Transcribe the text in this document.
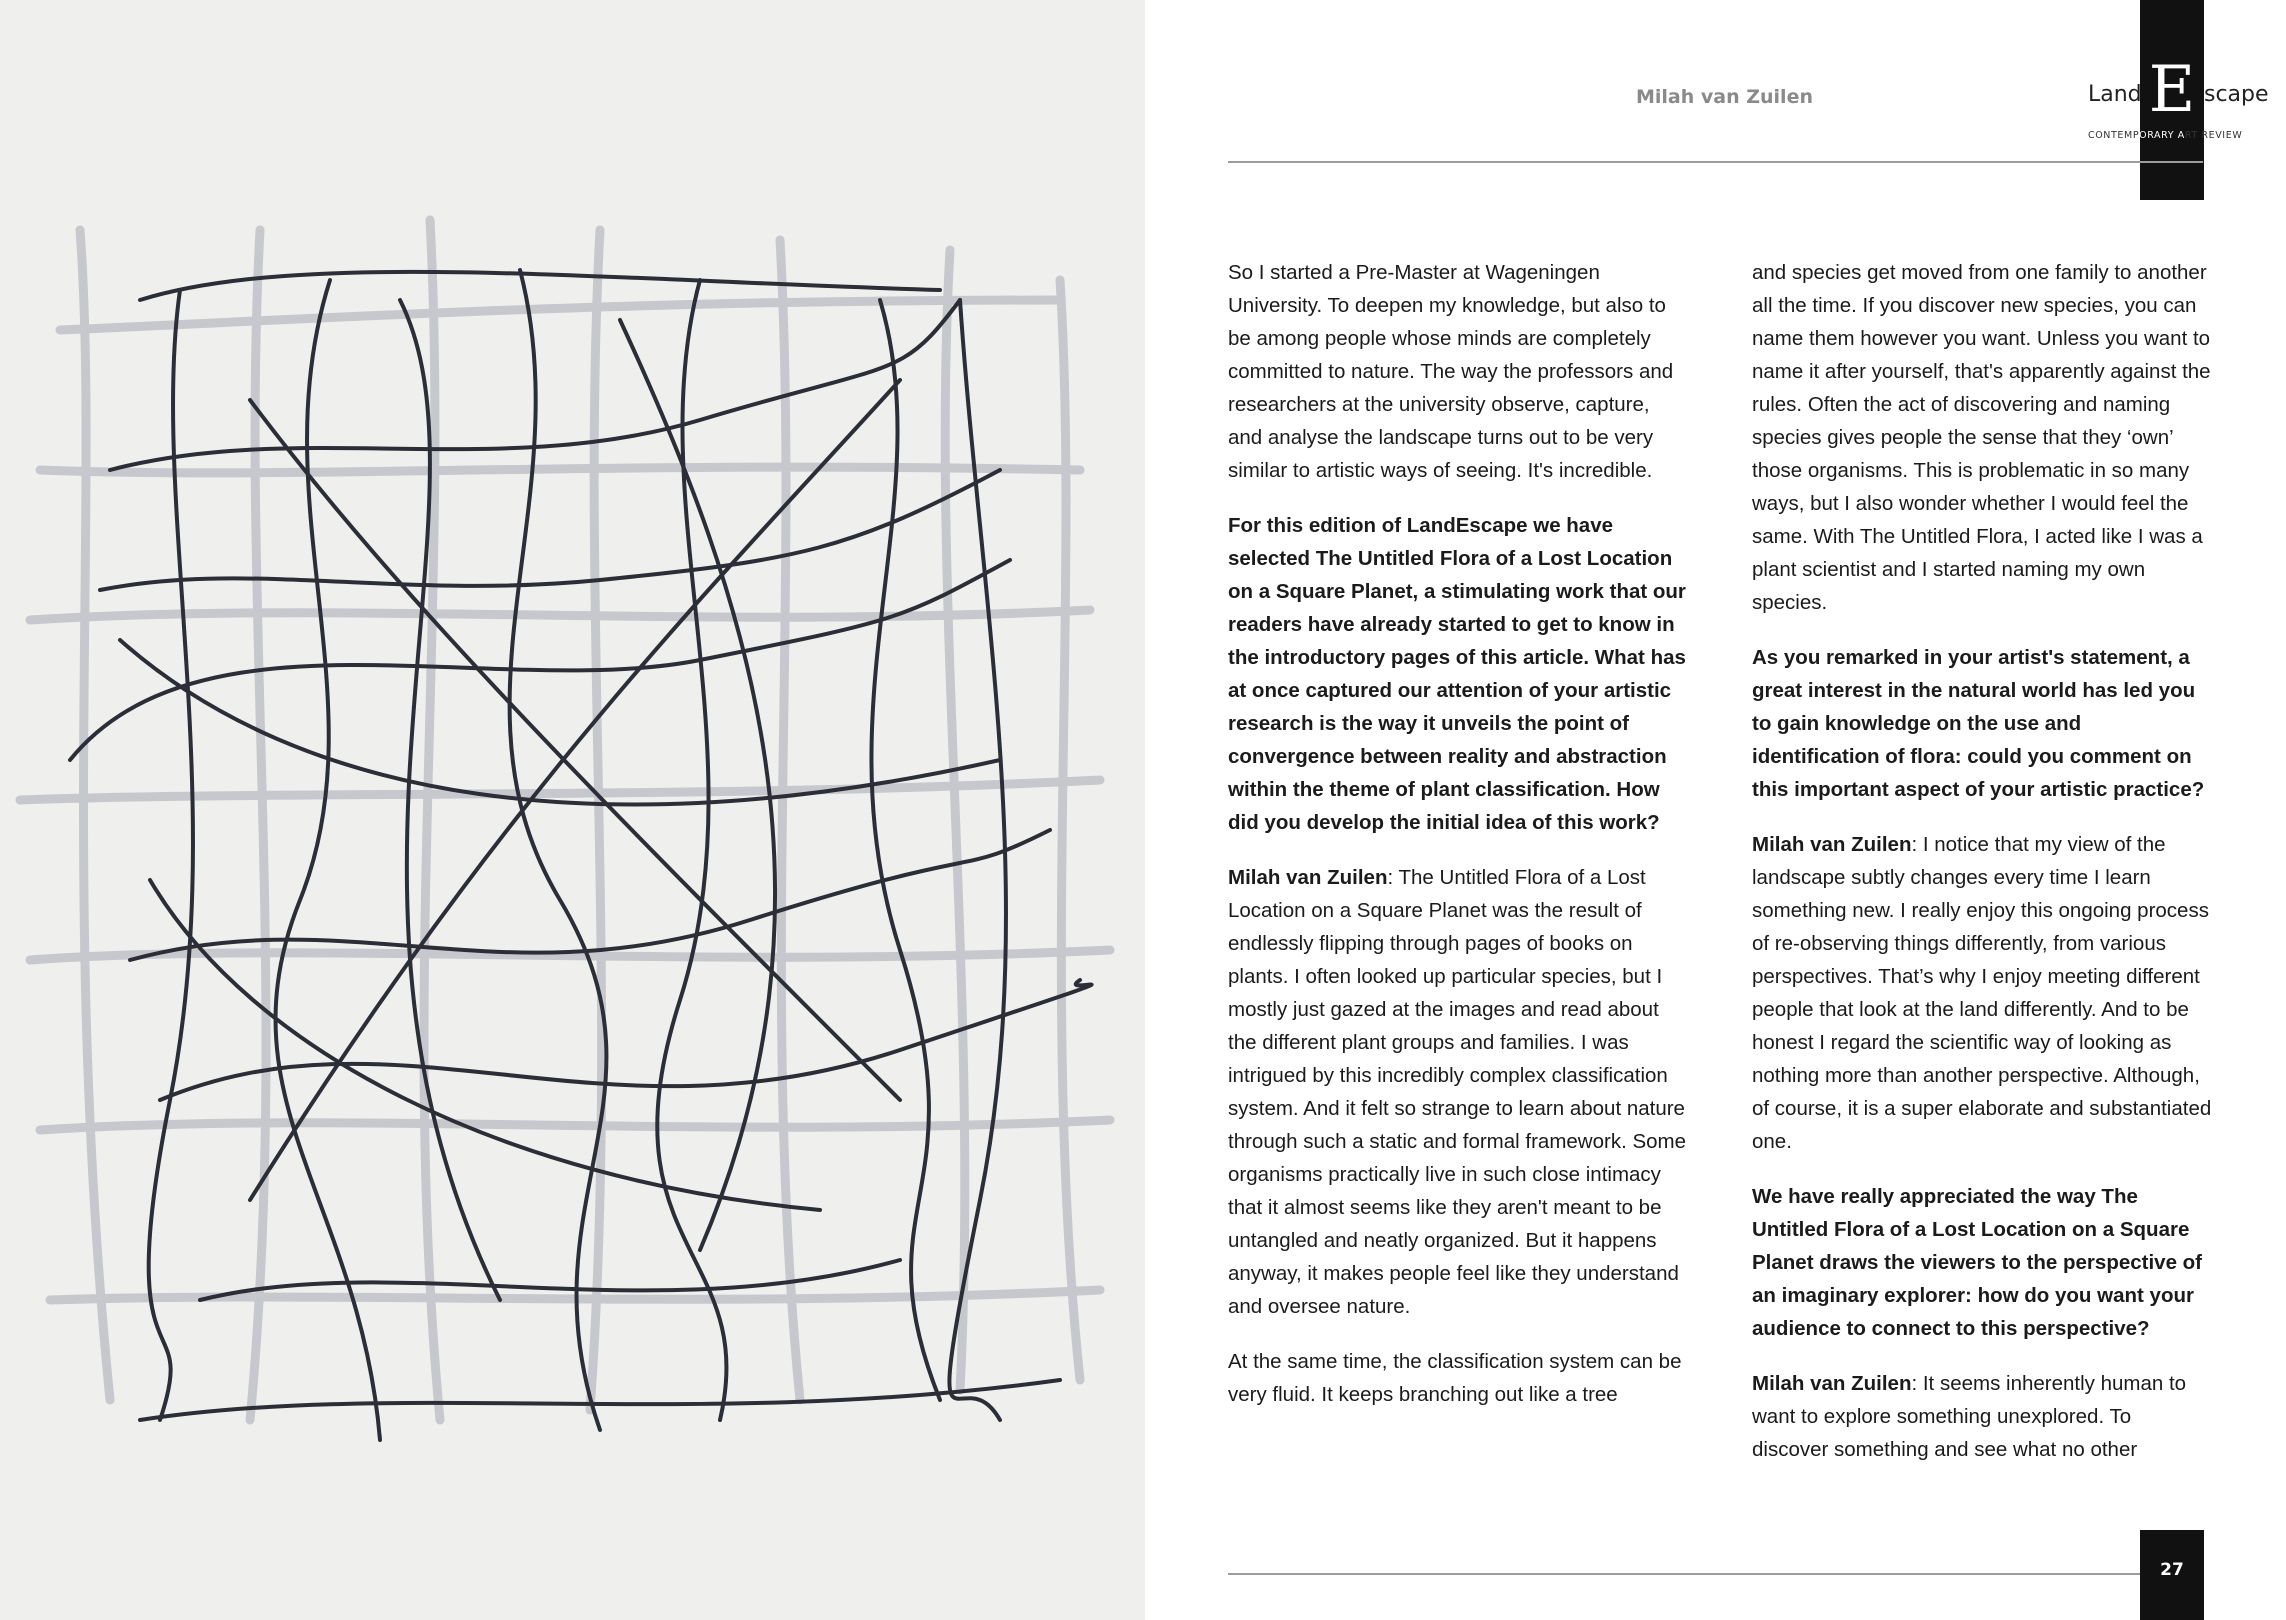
Milah van Zuilen	Land E scape
CONTEMPORARY ART REVIEW

So I started a Pre-Master at Wageningen University. To deepen my knowledge, but also to be among people whose minds are completely committed to nature. The way the professors and researchers at the university observe, capture, and analyse the landscape turns out to be very similar to artistic ways of seeing. It's incredible.

For this edition of LandEscape we have selected The Untitled Flora of a Lost Location on a Square Planet, a stimulating work that our readers have already started to get to know in the introductory pages of this article. What has at once captured our attention of your artistic research is the way it unveils the point of convergence between reality and abstraction within the theme of plant classification. How did you develop the initial idea of this work?

Milah van Zuilen: The Untitled Flora of a Lost Location on a Square Planet was the result of endlessly flipping through pages of books on plants. I often looked up particular species, but I mostly just gazed at the images and read about the different plant groups and families. I was intrigued by this incredibly complex classification system. And it felt so strange to learn about nature through such a static and formal framework. Some organisms practically live in such close intimacy that it almost seems like they aren't meant to be untangled and neatly organized. But it happens anyway, it makes people feel like they understand and oversee nature.

At the same time, the classification system can be very fluid. It keeps branching out like a tree

and species get moved from one family to another all the time. If you discover new species, you can name them however you want. Unless you want to name it after yourself, that's apparently against the rules. Often the act of discovering and naming species gives people the sense that they ‘own’ those organisms. This is problematic in so many ways, but I also wonder whether I would feel the same. With The Untitled Flora, I acted like I was a plant scientist and I started naming my own species.

As you remarked in your artist's statement, a great interest in the natural world has led you to gain knowledge on the use and identification of flora: could you comment on this important aspect of your artistic practice?

Milah van Zuilen: I notice that my view of the landscape subtly changes every time I learn something new. I really enjoy this ongoing process of re-observing things differently, from various perspectives. That’s why I enjoy meeting different people that look at the land differently. And to be honest I regard the scientific way of looking as nothing more than another perspective. Although, of course, it is a super elaborate and substantiated one.

We have really appreciated the way The Untitled Flora of a Lost Location on a Square Planet draws the viewers to the perspective of an imaginary explorer: how do you want your audience to connect to this perspective?

Milah van Zuilen: It seems inherently human to want to explore something unexplored. To discover something and see what no other

27
